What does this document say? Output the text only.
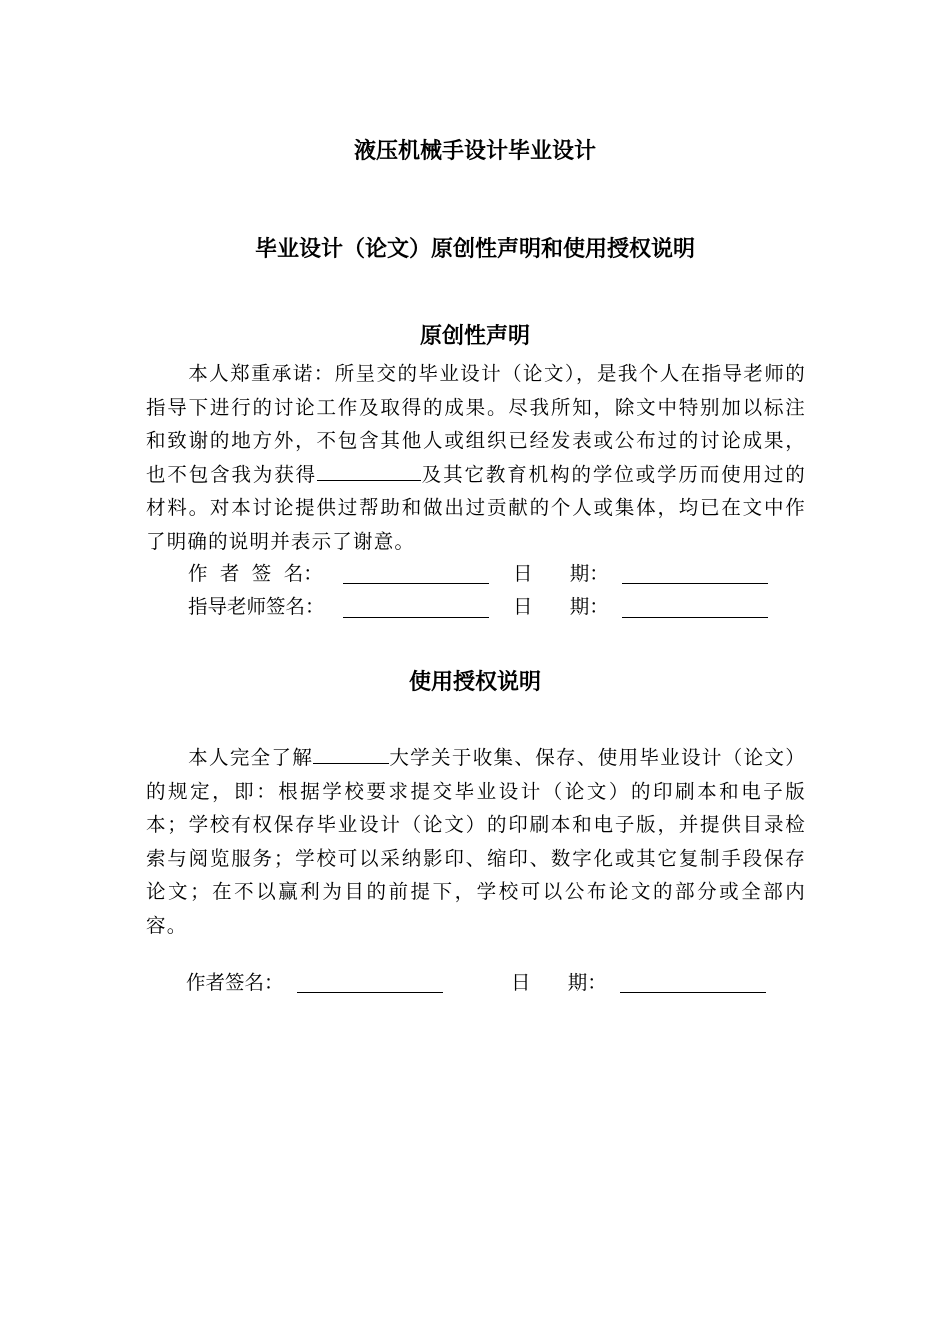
液压机械手设计毕业设计
毕业设计（论文）原创性声明和使用授权说明
原创性声明
本人郑重承诺：所呈交的毕业设计（论文），是我个人在指导老师的指导下进行的讨论工作及取得的成果。尽我所知，除文中特别加以标注和致谢的地方外，不包含其他人或组织已经发表或公布过的讨论成果，也不包含我为获得	及其它教育机构的学位或学历而使用过的材料。对本讨论提供过帮助和做出过贡献的个人或集体，均已在文中作了明确的说明并表示了谢意。
作  者  签  名：	日      期：
指导老师签名：	日      期：
使用授权说明
本人完全了解	大学关于收集、保存、使用毕业设计（论文）的规定，即：根据学校要求提交毕业设计（论文）的印刷本和电子版本；学校有权保存毕业设计（论文）的印刷本和电子版，并提供目录检索与阅览服务；学校可以采纳影印、缩印、数字化或其它复制手段保存论文；在不以赢利为目的前提下，学校可以公布论文的部分或全部内容。
作者签名：	日      期：
